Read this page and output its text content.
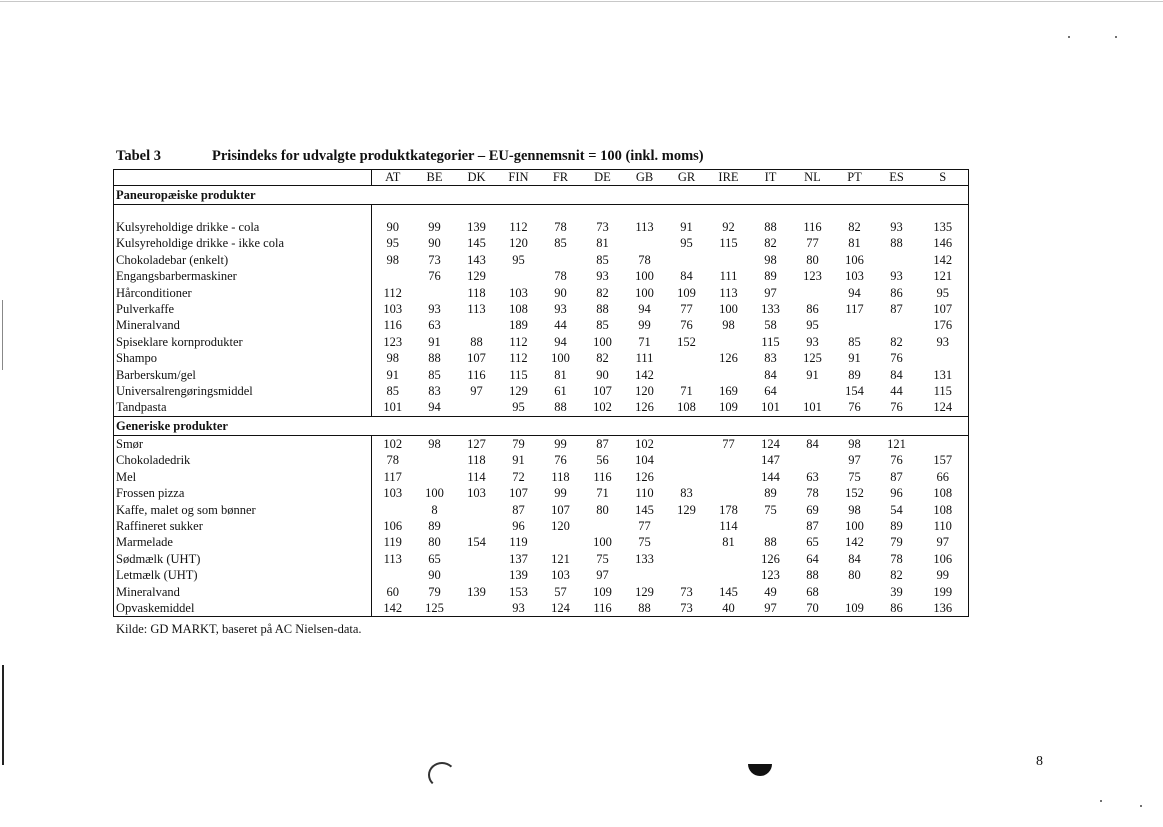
Tabel 3	Prisindeks for udvalgte produktkategorier – EU-gennemsnit = 100 (inkl. moms)
	AT	BE	DK	FIN	FR	DE	GB	GR	IRE	IT	NL	PT	ES	S
Paneuropæiske produkter														

Kulsyreholdige drikke - cola	90	99	139	112	78	73	113	91	92	88	116	82	93	135
Kulsyreholdige drikke - ikke cola	95	90	145	120	85	81		95	115	82	77	81	88	146
Chokoladebar (enkelt)	98	73	143	95		85	78			98	80	106		142
Engangsbarbermaskiner		76	129		78	93	100	84	111	89	123	103	93	121
Hårconditioner	112		118	103	90	82	100	109	113	97		94	86	95
Pulverkaffe	103	93	113	108	93	88	94	77	100	133	86	117	87	107
Mineralvand	116	63		189	44	85	99	76	98	58	95			176
Spiseklare kornprodukter	123	91	88	112	94	100	71	152		115	93	85	82	93
Shampo	98	88	107	112	100	82	111		126	83	125	91	76	
Barberskum/gel	91	85	116	115	81	90	142			84	91	89	84	131
Universalrengøringsmiddel	85	83	97	129	61	107	120	71	169	64		154	44	115
Tandpasta	101	94		95	88	102	126	108	109	101	101	76	76	124
Generiske produkter														
Smør	102	98	127	79	99	87	102		77	124	84	98	121	
Chokoladedrik	78		118	91	76	56	104			147		97	76	157
Mel	117		114	72	118	116	126			144	63	75	87	66
Frossen pizza	103	100	103	107	99	71	110	83		89	78	152	96	108
Kaffe, malet og som bønner		8		87	107	80	145	129	178	75	69	98	54	108
Raffineret sukker	106	89		96	120		77		114		87	100	89	110
Marmelade	119	80	154	119		100	75		81	88	65	142	79	97
Sødmælk (UHT)	113	65		137	121	75	133			126	64	84	78	106
Letmælk (UHT)		90		139	103	97				123	88	80	82	99
Mineralvand	60	79	139	153	57	109	129	73	145	49	68		39	199
Opvaskemiddel	142	125		93	124	116	88	73	40	97	70	109	86	136
Kilde: GD MARKT, baseret på AC Nielsen-data.
8
